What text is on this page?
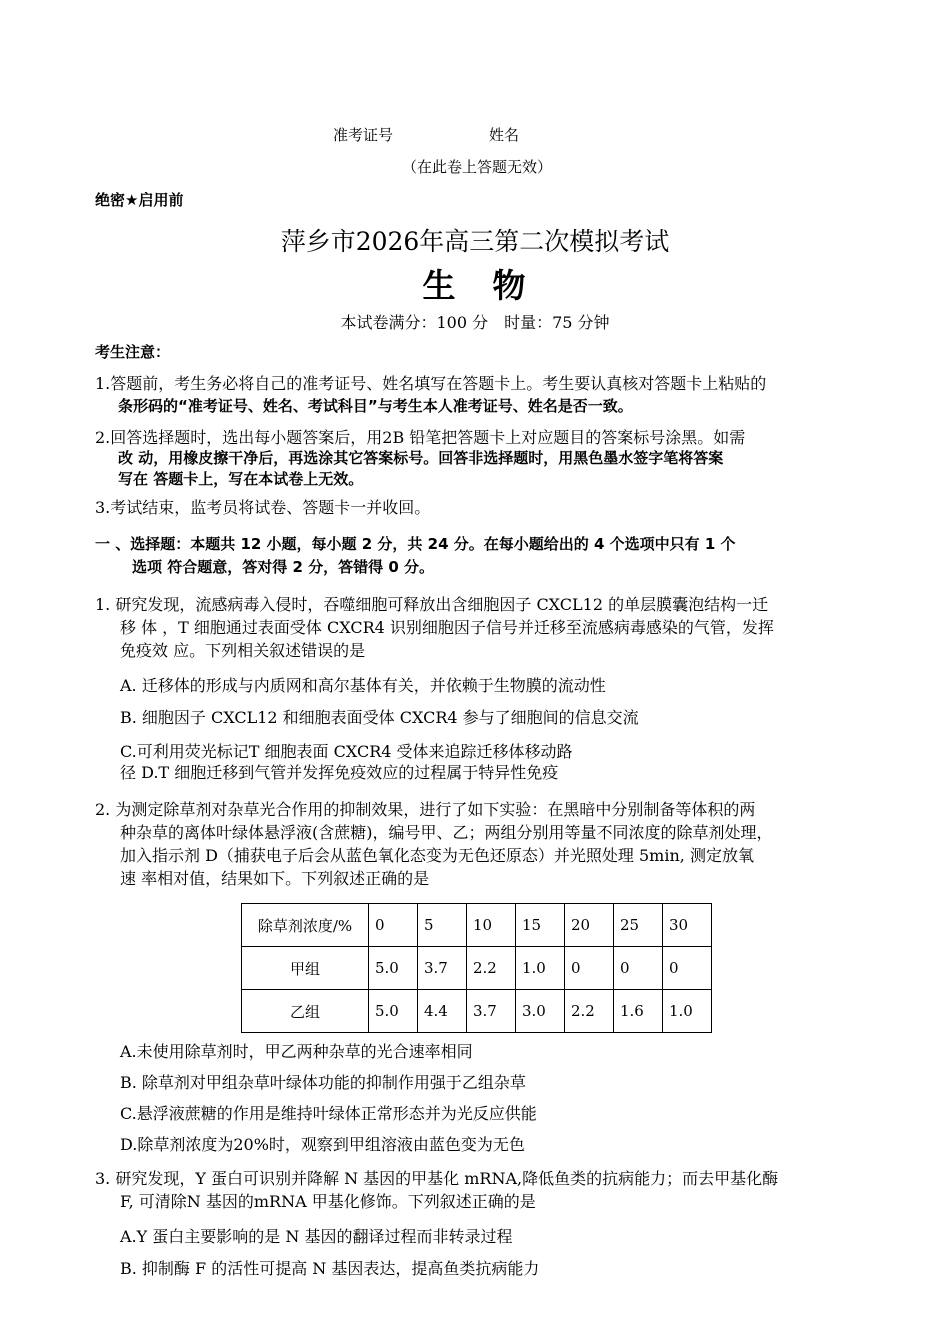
准考证号	姓名
（在此卷上答题无效）
绝密★启用前
萍乡市2026年高三第二次模拟考试
生　物
本试卷满分：100 分　时量：75 分钟
考生注意：
1.答题前，考生务必将自己的准考证号、姓名填写在答题卡上。考生要认真核对答题卡上粘贴的
条形码的“准考证号、姓名、考试科目”与考生本人准考证号、姓名是否一致。
2.回答选择题时，选出每小题答案后，用2B 铅笔把答题卡上对应题目的答案标号涂黑。如需
改 动，用橡皮擦干净后，再选涂其它答案标号。回答非选择题时，用黑色墨水签字笔将答案
写在 答题卡上，写在本试卷上无效。
3.考试结束，监考员将试卷、答题卡一并收回。
一 、选择题：本题共 12 小题，每小题 2 分，共 24 分。在每小题给出的 4 个选项中只有 1 个
选项 符合题意，答对得 2 分，答错得 0 分。
1. 研究发现，流感病毒入侵时，吞噬细胞可释放出含细胞因子 CXCL12 的单层膜囊泡结构一迁
移 体 ，T 细胞通过表面受体 CXCR4 识别细胞因子信号并迁移至流感病毒感染的气管，发挥
免疫效 应。下列相关叙述错误的是
A. 迁移体的形成与内质网和高尔基体有关，并依赖于生物膜的流动性
B. 细胞因子 CXCL12 和细胞表面受体 CXCR4 参与了细胞间的信息交流
C.可利用荧光标记T 细胞表面 CXCR4 受体来追踪迁移体移动路
径 D.T 细胞迁移到气管并发挥免疫效应的过程属于特异性免疫
2. 为测定除草剂对杂草光合作用的抑制效果，进行了如下实验：在黑暗中分别制备等体积的两
种杂草的离体叶绿体悬浮液(含蔗糖)，编号甲、乙；两组分别用等量不同浓度的除草剂处理，
加入指示剂 D（捕获电子后会从蓝色氧化态变为无色还原态）并光照处理 5min, 测定放氧
速 率相对值，结果如下。下列叙述正确的是
除草剂浓度/%	0	5	10	15	20	25	30
甲组	5.0	3.7	2.2	1.0	0	0	0
乙组	5.0	4.4	3.7	3.0	2.2	1.6	1.0
A.未使用除草剂时，甲乙两种杂草的光合速率相同
B. 除草剂对甲组杂草叶绿体功能的抑制作用强于乙组杂草
C.悬浮液蔗糖的作用是维持叶绿体正常形态并为光反应供能
D.除草剂浓度为20%时，观察到甲组溶液由蓝色变为无色
3. 研究发现，Y 蛋白可识别并降解 N 基因的甲基化 mRNA,降低鱼类的抗病能力；而去甲基化酶
F, 可清除N 基因的mRNA 甲基化修饰。下列叙述正确的是
A.Y 蛋白主要影响的是 N 基因的翻译过程而非转录过程
B. 抑制酶 F 的活性可提高 N 基因表达，提高鱼类抗病能力
